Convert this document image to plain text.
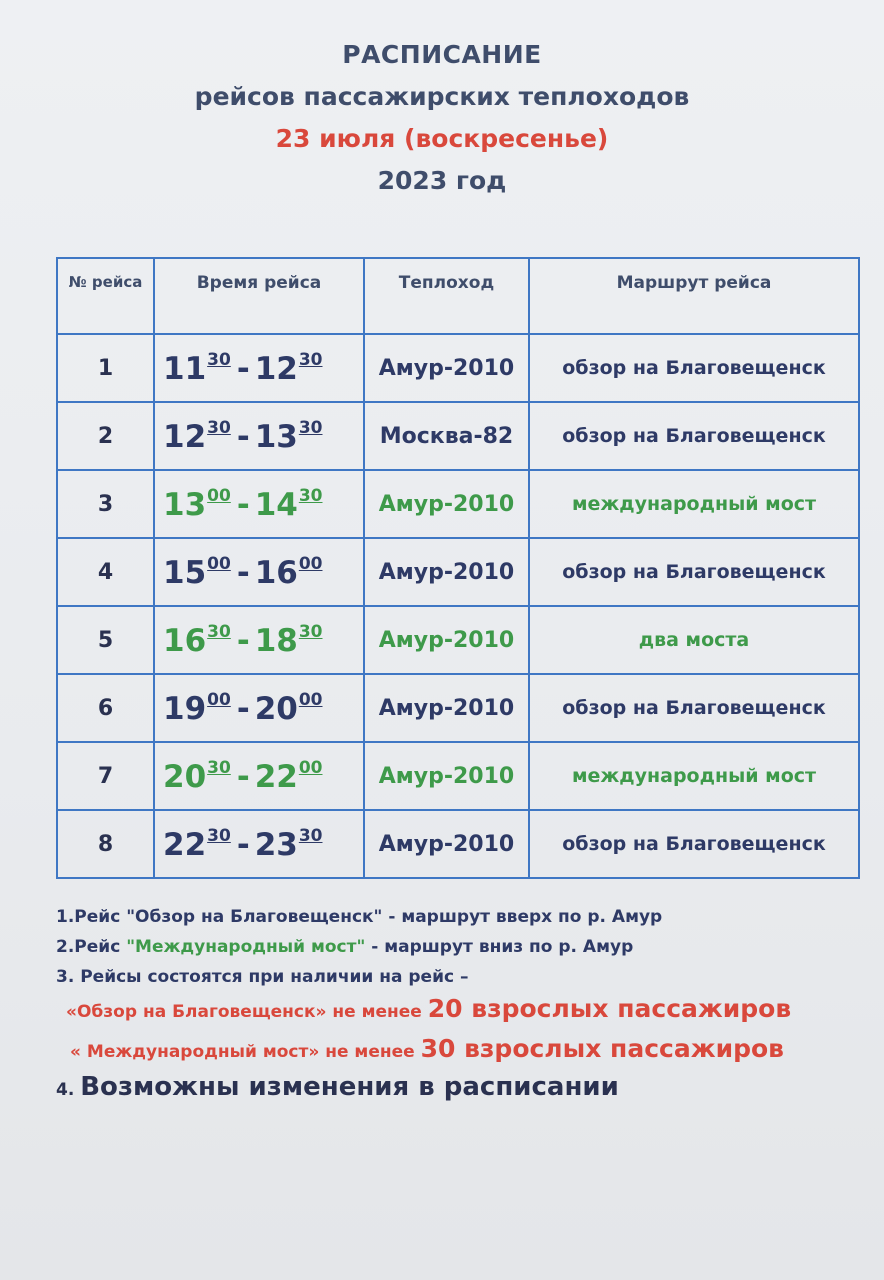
РАСПИСАНИЕ
рейсов пассажирских теплоходов
23 июля (воскресенье)
2023 год
№ рейса	Время рейса	Теплоход	Маршрут рейса
1	$11^{30} - 12^{30}$	Амур-2010	обзор на Благовещенск
2	$12^{30} - 13^{30}$	Москва-82	обзор на Благовещенск
3	$13^{00} - 14^{30}$	Амур-2010	международный мост
4	$15^{00} - 16^{00}$	Амур-2010	обзор на Благовещенск
5	$16^{30} - 18^{30}$	Амур-2010	два моста
6	$19^{00} - 20^{00}$	Амур-2010	обзор на Благовещенск
7	$20^{30} - 22^{00}$	Амур-2010	международный мост
8	$22^{30} - 23^{30}$	Амур-2010	обзор на Благовещенск
1.Рейс "Обзор на Благовещенск" - маршрут вверх по р. Амур
2.Рейс "Международный мост" - маршрут вниз по р. Амур
3. Рейсы состоятся при наличии на рейс –
«Обзор на Благовещенск» не менее 20 взрослых пассажиров
« Международный мост» не менее 30 взрослых пассажиров
4. Возможны изменения в расписании
